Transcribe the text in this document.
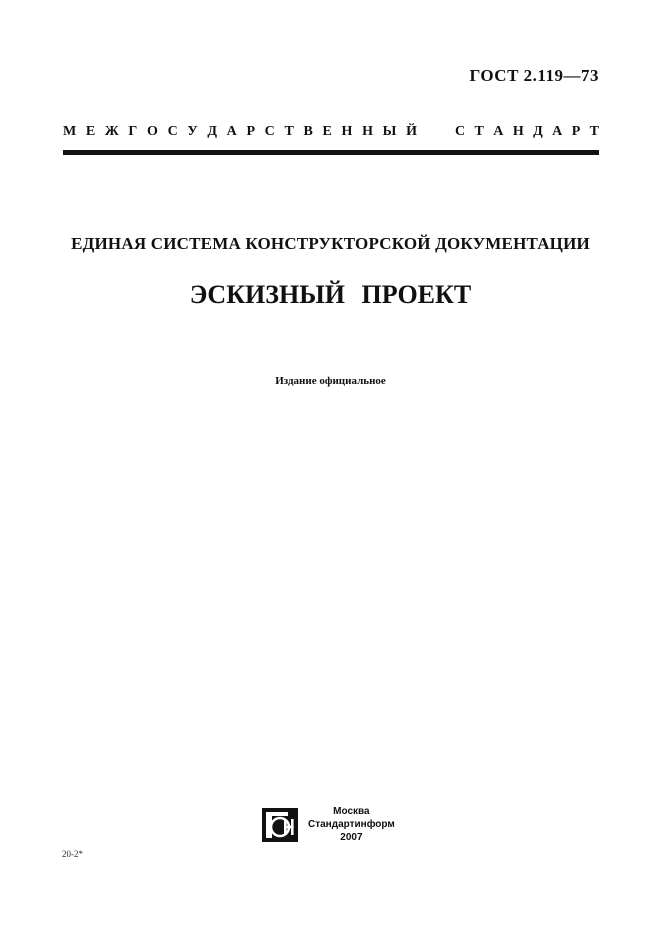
ГОСТ 2.119—73
М Е Ж Г О С У Д А Р С Т В Е Н Н Ы Й	С Т А Н Д А Р Т
ЕДИНАЯ СИСТЕМА КОНСТРУКТОРСКОЙ ДОКУМЕНТАЦИИ
ЭСКИЗНЫЙ ПРОЕКТ
Издание официальное
Москва
Стандартинформ
2007
20-2*
